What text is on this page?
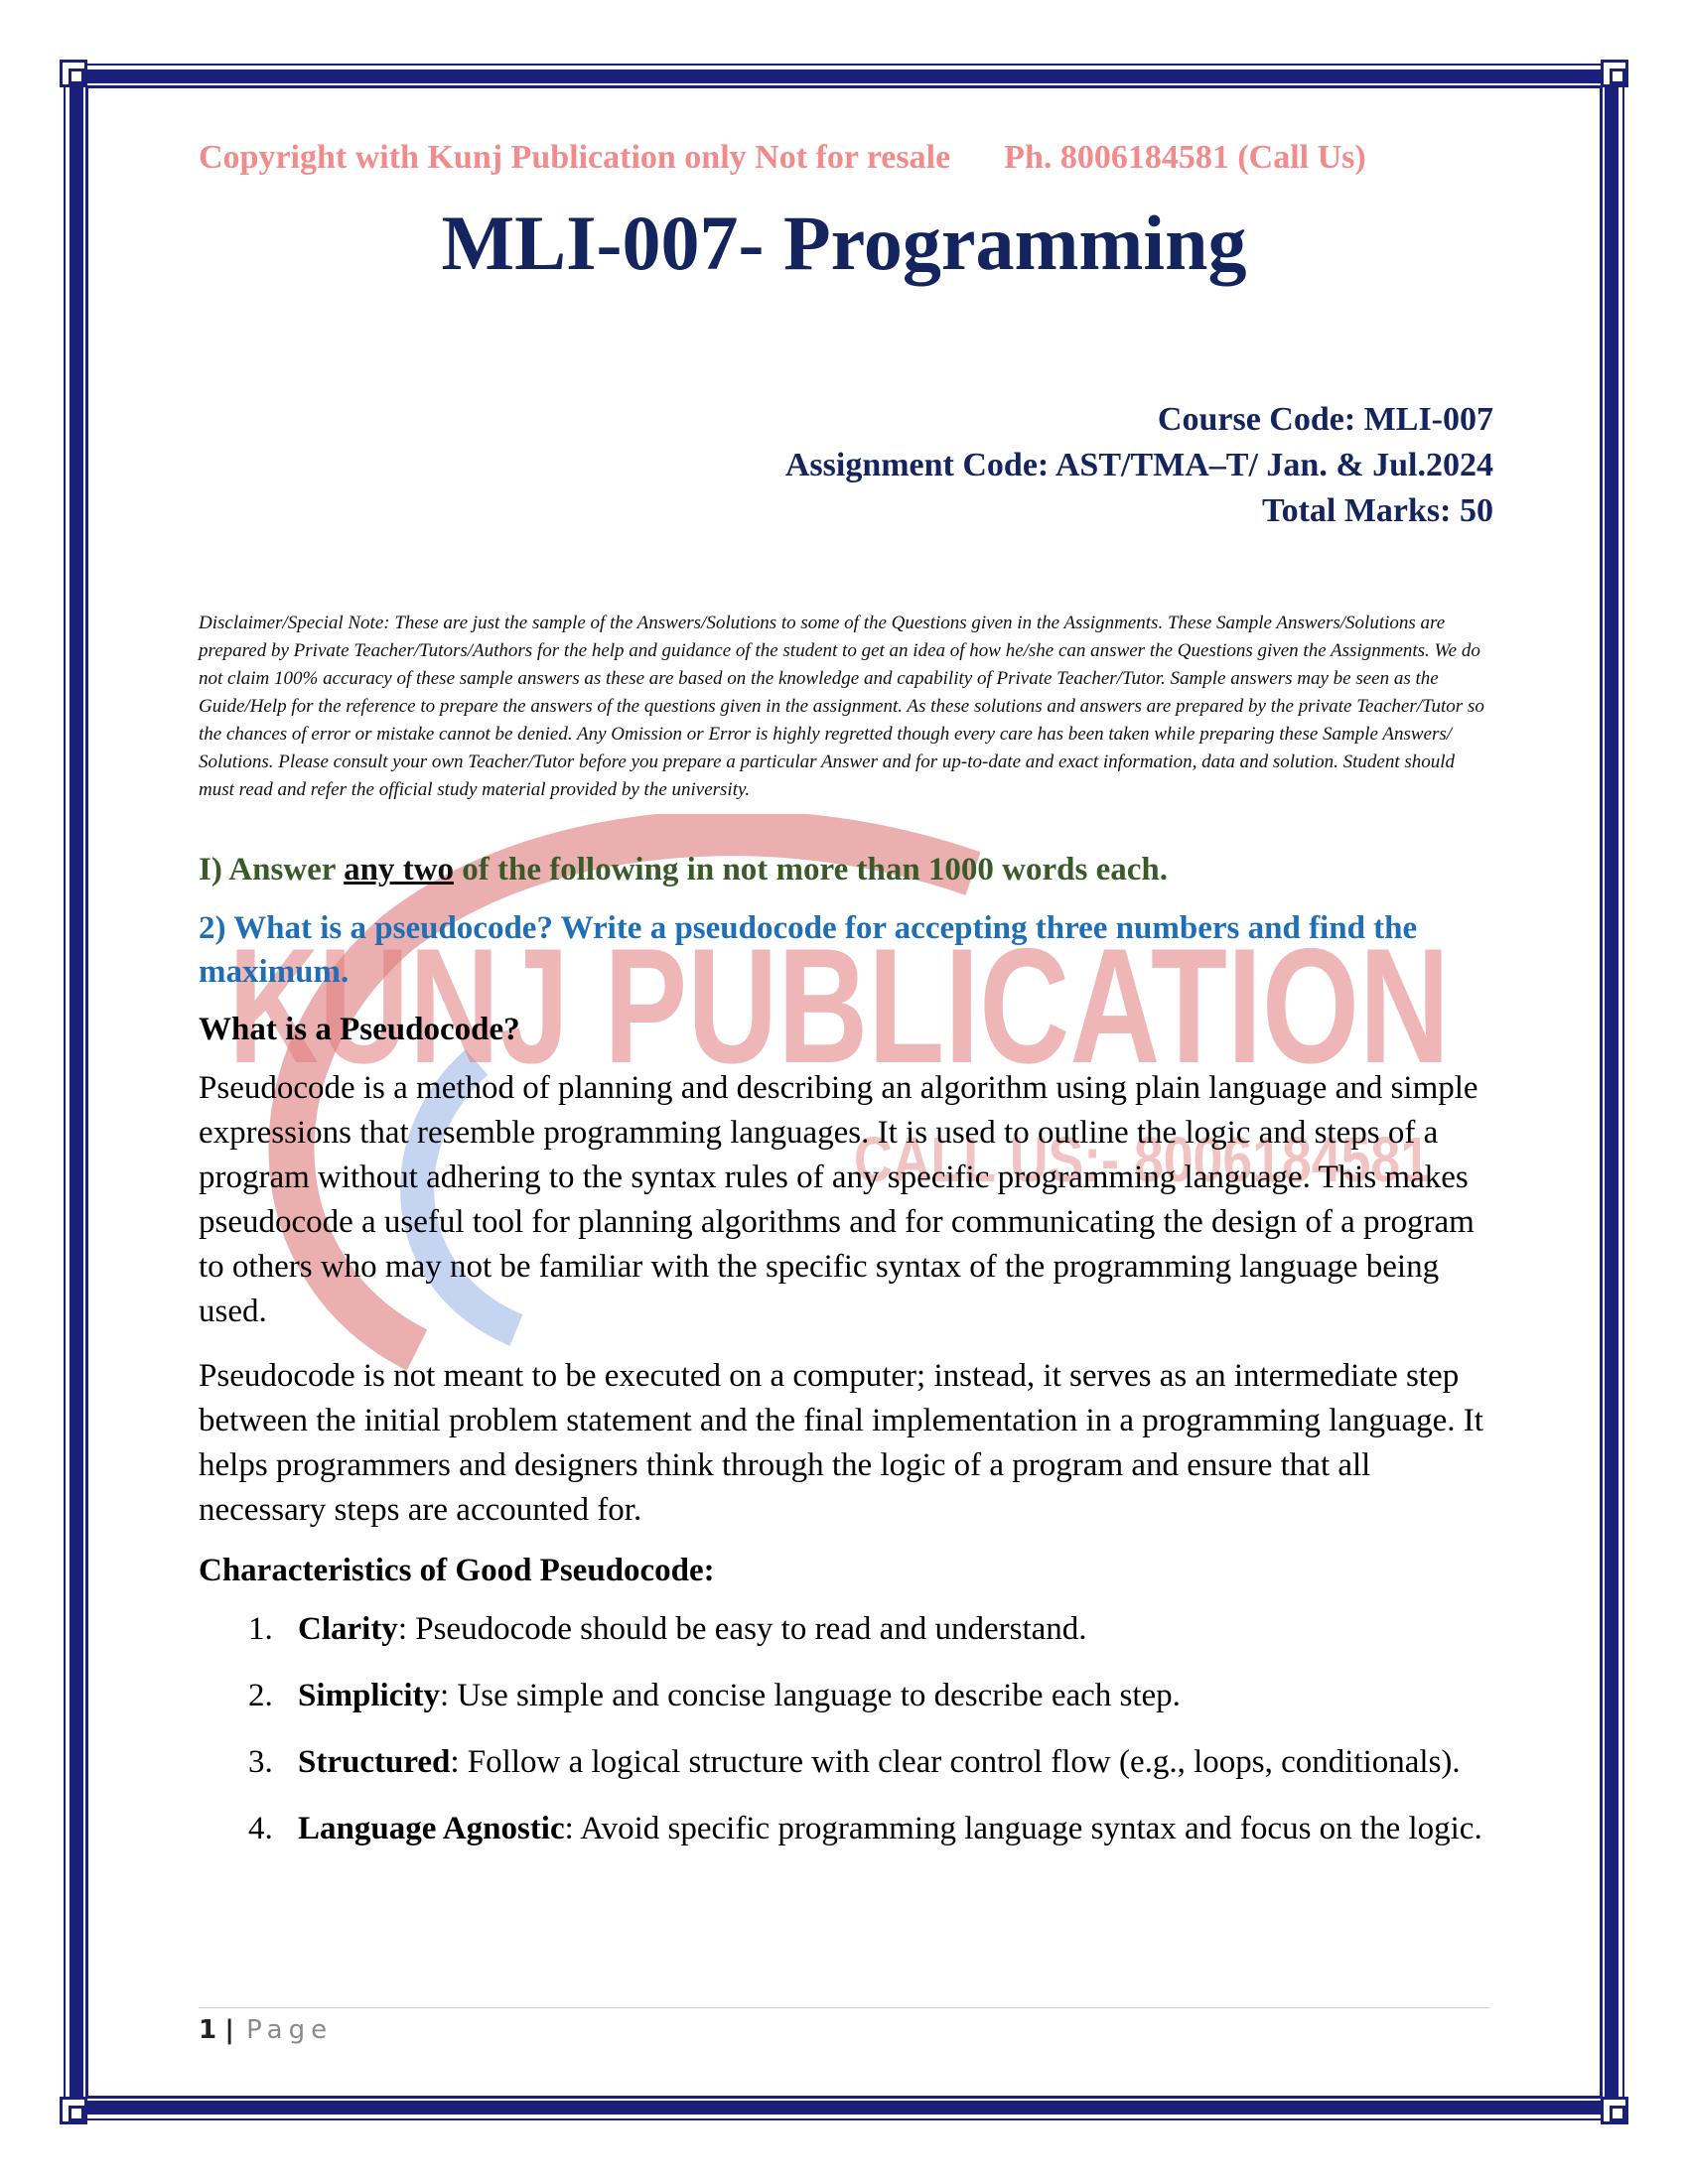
KUNJ PUBLICATION
CALL US:- 8006184581
Copyright with Kunj Publication only Not for resale Ph. 8006184581 (Call Us)
MLI-007- Programming
Course Code: MLI-007
Assignment Code: AST/TMA–T/ Jan. & Jul.2024
Total Marks: 50
Disclaimer/Special Note: These are just the sample of the Answers/Solutions to some of the Questions given in the Assignments. These Sample Answers/Solutions are prepared by Private Teacher/Tutors/Authors for the help and guidance of the student to get an idea of how he/she can answer the Questions given the Assignments. We do not claim 100% accuracy of these sample answers as these are based on the knowledge and capability of Private Teacher/Tutor. Sample answers may be seen as the Guide/Help for the reference to prepare the answers of the questions given in the assignment. As these solutions and answers are prepared by the private Teacher/Tutor so the chances of error or mistake cannot be denied. Any Omission or Error is highly regretted though every care has been taken while preparing these Sample Answers/ Solutions. Please consult your own Teacher/Tutor before you prepare a particular Answer and for up-to-date and exact information, data and solution. Student should must read and refer the official study material provided by the university.
I) Answer any two of the following in not more than 1000 words each.
2) What is a pseudocode? Write a pseudocode for accepting three numbers and find the maximum.
What is a Pseudocode?

Pseudocode is a method of planning and describing an algorithm using plain language and simple expressions that resemble programming languages. It is used to outline the logic and steps of a program without adhering to the syntax rules of any specific programming language. This makes pseudocode a useful tool for planning algorithms and for communicating the design of a program to others who may not be familiar with the specific syntax of the programming language being used.

Pseudocode is not meant to be executed on a computer; instead, it serves as an intermediate step between the initial problem statement and the final implementation in a programming language. It helps programmers and designers think through the logic of a program and ensure that all necessary steps are accounted for.

Characteristics of Good Pseudocode:
1. Clarity: Pseudocode should be easy to read and understand.
2. Simplicity: Use simple and concise language to describe each step.
3. Structured: Follow a logical structure with clear control flow (e.g., loops, conditionals).
4. Language Agnostic: Avoid specific programming language syntax and focus on the logic.
1 | Page
